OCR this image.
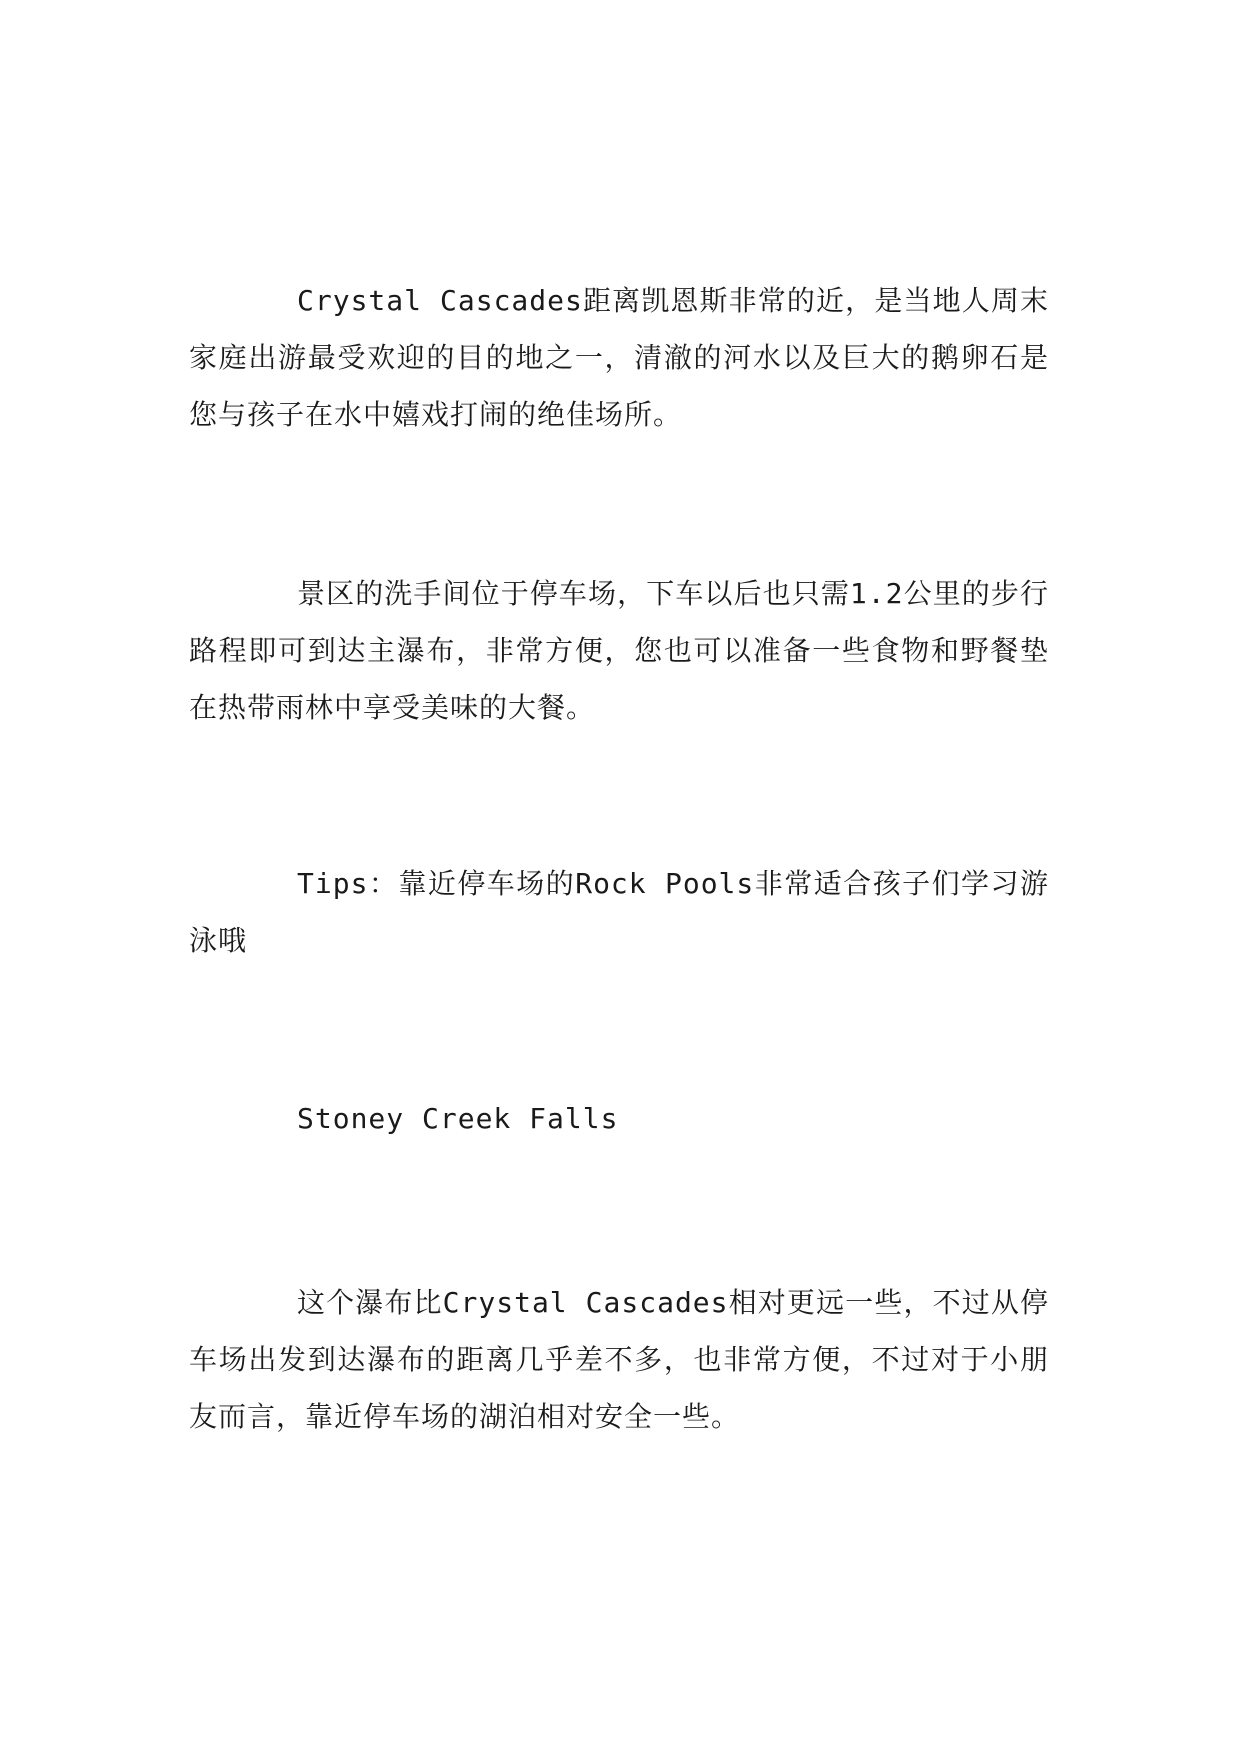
Crystal Cascades距离凯恩斯非常的近，是当地人周末家庭出游最受欢迎的目的地之一，清澈的河水以及巨大的鹅卵石是您与孩子在水中嬉戏打闹的绝佳场所。

景区的洗手间位于停车场，下车以后也只需1.2公里的步行路程即可到达主瀑布，非常方便，您也可以准备一些食物和野餐垫在热带雨林中享受美味的大餐。

Tips：靠近停车场的Rock Pools非常适合孩子们学习游泳哦

Stoney Creek Falls

这个瀑布比Crystal Cascades相对更远一些，不过从停车场出发到达瀑布的距离几乎差不多，也非常方便，不过对于小朋友而言，靠近停车场的湖泊相对安全一些。
